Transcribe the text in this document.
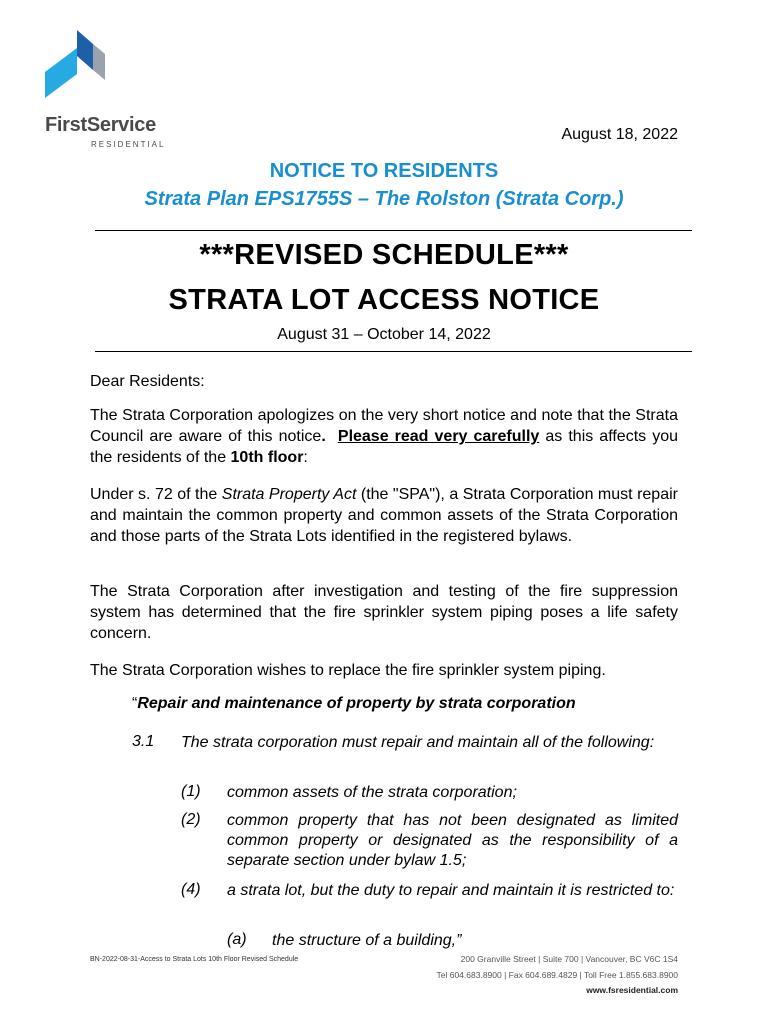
FirstService
RESIDENTIAL
August 18, 2022
NOTICE TO RESIDENTS
Strata Plan EPS1755S – The Rolston (Strata Corp.)
***REVISED SCHEDULE***
STRATA LOT ACCESS NOTICE
August 31 – October 14, 2022
Dear Residents:
The Strata Corporation apologizes on the very short notice and note that the Strata Council are aware of this notice. Please read very carefully as this affects you the residents of the 10th floor:
Under s. 72 of the Strata Property Act (the "SPA"), a Strata Corporation must repair and maintain the common property and common assets of the Strata Corporation and those parts of the Strata Lots identified in the registered bylaws.
The Strata Corporation after investigation and testing of the fire suppression system has determined that the fire sprinkler system piping poses a life safety concern.
The Strata Corporation wishes to replace the fire sprinkler system piping.
“Repair and maintenance of property by strata corporation
3.1 The strata corporation must repair and maintain all of the following:
(1) common assets of the strata corporation;
(2) common property that has not been designated as limited common property or designated as the responsibility of a separate section under bylaw 1.5;
(4) a strata lot, but the duty to repair and maintain it is restricted to:
(a) the structure of a building,”
BN-2022-08-31-Access to Strata Lots 10th Floor Revised Schedule	200 Granville Street | Suite 700 | Vancouver, BC V6C 1S4
Tel 604.683.8900 | Fax 604.689.4829 | Toll Free 1.855.683.8900
www.fsresidential.com
